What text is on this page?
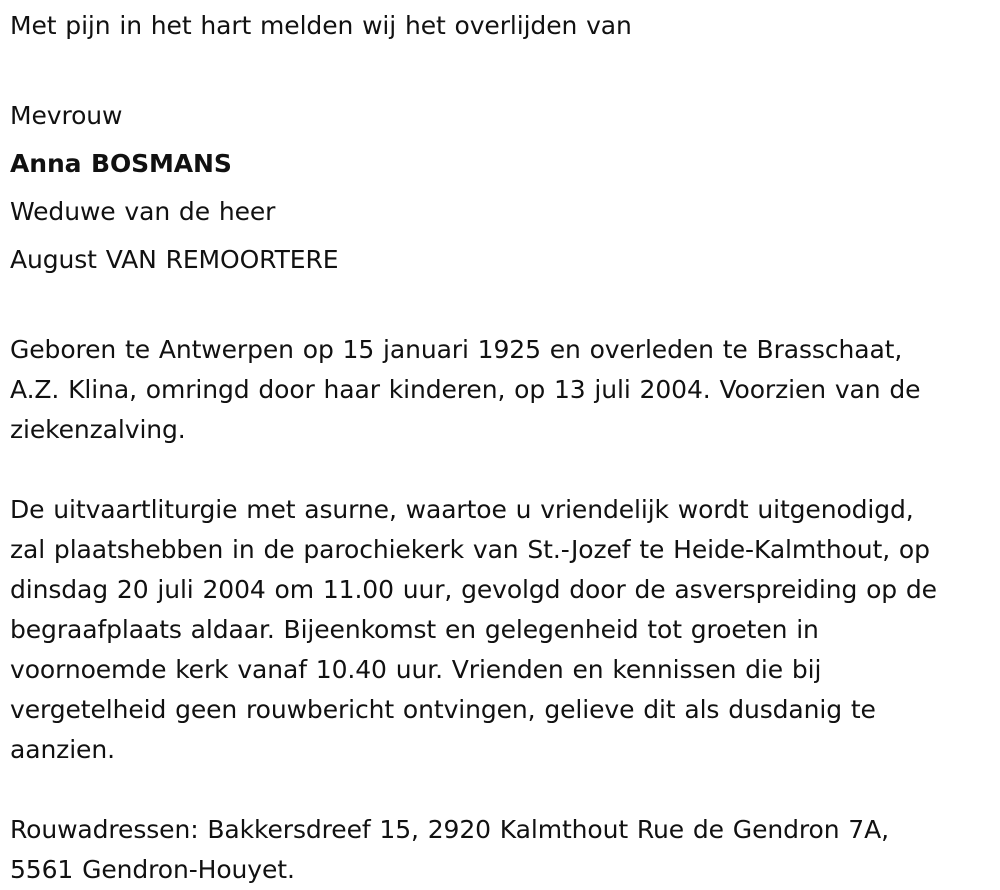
Met pijn in het hart melden wij het overlijden van
Mevrouw
Anna BOSMANS
Weduwe van de heer
August VAN REMOORTERE
Geboren te Antwerpen op 15 januari 1925 en overleden te Brasschaat,
A.Z. Klina, omringd door haar kinderen, op 13 juli 2004. Voorzien van de
ziekenzalving.
De uitvaartliturgie met asurne, waartoe u vriendelijk wordt uitgenodigd,
zal plaatshebben in de parochiekerk van St.-Jozef te Heide-Kalmthout, op
dinsdag 20 juli 2004 om 11.00 uur, gevolgd door de asverspreiding op de
begraafplaats aldaar. Bijeenkomst en gelegenheid tot groeten in
voornoemde kerk vanaf 10.40 uur. Vrienden en kennissen die bij
vergetelheid geen rouwbericht ontvingen, gelieve dit als dusdanig te
aanzien.
Rouwadressen: Bakkersdreef 15, 2920 Kalmthout Rue de Gendron 7A,
5561 Gendron-Houyet.
